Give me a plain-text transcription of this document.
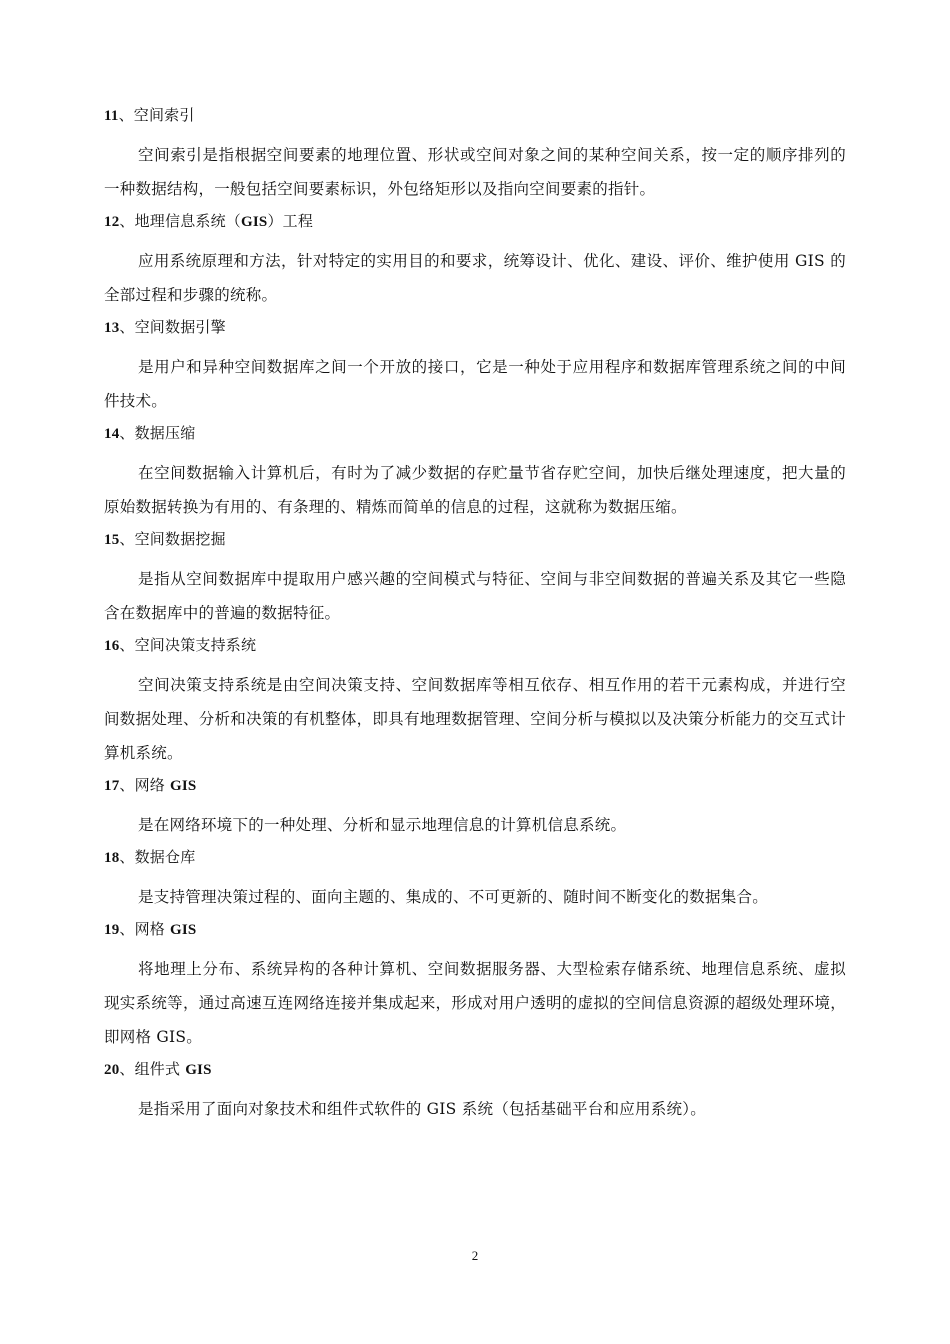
11、空间索引

空间索引是指根据空间要素的地理位置、形状或空间对象之间的某种空间关系，按一定的顺序排列的一种数据结构，一般包括空间要素标识，外包络矩形以及指向空间要素的指针。

12、地理信息系统（GIS）工程

应用系统原理和方法，针对特定的实用目的和要求，统筹设计、优化、建设、评价、维护使用 GIS 的全部过程和步骤的统称。

13、空间数据引擎

是用户和异种空间数据库之间一个开放的接口，它是一种处于应用程序和数据库管理系统之间的中间件技术。

14、数据压缩

在空间数据输入计算机后，有时为了减少数据的存贮量节省存贮空间，加快后继处理速度，把大量的原始数据转换为有用的、有条理的、精炼而简单的信息的过程，这就称为数据压缩。

15、空间数据挖掘

是指从空间数据库中提取用户感兴趣的空间模式与特征、空间与非空间数据的普遍关系及其它一些隐含在数据库中的普遍的数据特征。

16、空间决策支持系统

空间决策支持系统是由空间决策支持、空间数据库等相互依存、相互作用的若干元素构成，并进行空间数据处理、分析和决策的有机整体，即具有地理数据管理、空间分析与模拟以及决策分析能力的交互式计算机系统。

17、网络 GIS

是在网络环境下的一种处理、分析和显示地理信息的计算机信息系统。

18、数据仓库

是支持管理决策过程的、面向主题的、集成的、不可更新的、随时间不断变化的数据集合。

19、网格 GIS

将地理上分布、系统异构的各种计算机、空间数据服务器、大型检索存储系统、地理信息系统、虚拟现实系统等，通过高速互连网络连接并集成起来，形成对用户透明的虚拟的空间信息资源的超级处理环境，即网格 GIS。

20、组件式 GIS

是指采用了面向对象技术和组件式软件的 GIS 系统（包括基础平台和应用系统）。

2
